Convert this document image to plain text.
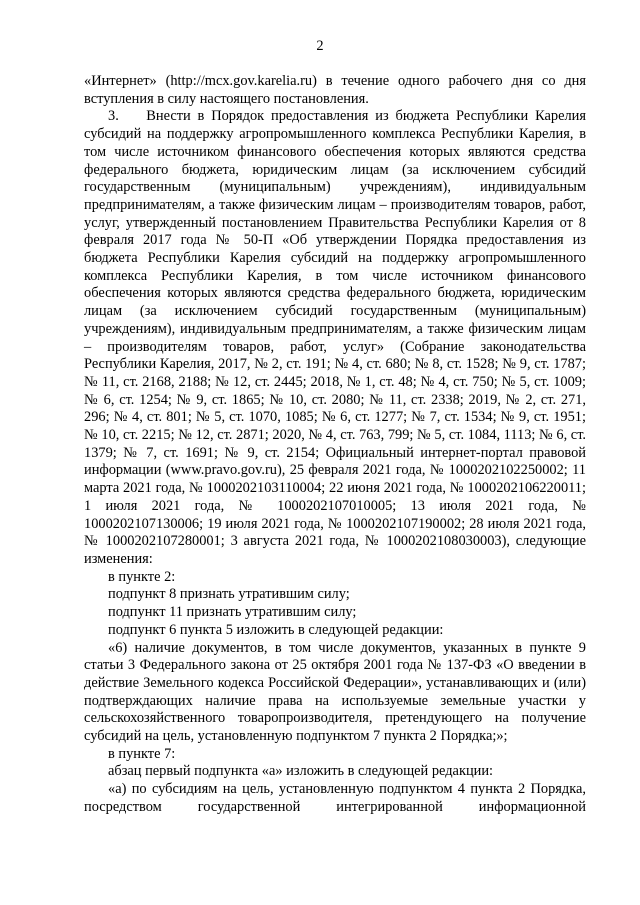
2

«Интернет» (http://mcx.gov.karelia.ru) в течение одного рабочего дня со дня вступления в силу настоящего постановления.

3.    Внести в Порядок предоставления из бюджета Республики Карелия субсидий на поддержку агропромышленного комплекса Республики Карелия, в том числе источником финансового обеспечения которых являются средства федерального бюджета, юридическим лицам (за исключением субсидий государственным (муниципальным) учреждениям), индивидуальным предпринимателям, а также физическим лицам – производителям товаров, работ, услуг, утвержденный постановлением Правительства Республики Карелия от 8 февраля 2017 года № 50-П «Об утверждении Порядка предоставления из бюджета Республики Карелия субсидий на поддержку агропромышленного комплекса Республики Карелия, в том числе источником финансового обеспечения которых являются средства федерального бюджета, юридическим лицам (за исключением субсидий государственным (муниципальным) учреждениям), индивидуальным предпринимателям, а также физическим лицам – производителям товаров, работ, услуг» (Собрание законодательства Республики Карелия, 2017, № 2, ст. 191; № 4, ст. 680; № 8, ст. 1528; № 9, ст. 1787; № 11, ст. 2168, 2188; № 12, ст. 2445; 2018, № 1, ст. 48; № 4, ст. 750; № 5, ст. 1009; № 6, ст. 1254; № 9, ст. 1865; № 10, ст. 2080; № 11, ст. 2338; 2019, № 2, ст. 271, 296; № 4, ст. 801; № 5, ст. 1070, 1085; № 6, ст. 1277; № 7, ст. 1534; № 9, ст. 1951; № 10, ст. 2215; № 12, ст. 2871; 2020, № 4, ст. 763, 799; № 5, ст. 1084, 1113; № 6, ст. 1379; № 7, ст. 1691; № 9, ст. 2154; Официальный интернет-портал правовой информации (www.pravo.gov.ru), 25 февраля 2021 года, № 1000202102250002; 11 марта 2021 года, № 1000202103110004; 22 июня 2021 года, № 1000202106220011; 1 июля 2021 года, № 1000202107010005; 13 июля 2021 года, № 1000202107130006; 19 июля 2021 года, № 1000202107190002; 28 июля 2021 года, № 1000202107280001; 3 августа 2021 года, № 1000202108030003), следующие изменения:

в пункте 2:

подпункт 8 признать утратившим силу;

подпункт 11 признать утратившим силу;

подпункт 6 пункта 5 изложить в следующей редакции:

«6) наличие документов, в том числе документов, указанных в пункте 9 статьи 3 Федерального закона от 25 октября 2001 года № 137-ФЗ «О введении в действие Земельного кодекса Российской Федерации», устанавливающих и (или) подтверждающих наличие права на используемые земельные участки у сельскохозяйственного товаропроизводителя, претендующего на получение субсидий на цель, установленную подпунктом 7 пункта 2 Порядка;»;

в пункте 7:

абзац первый подпункта «а» изложить в следующей редакции:

«а) по субсидиям на цель, установленную подпунктом 4 пункта 2 Порядка, посредством государственной интегрированной информационной
